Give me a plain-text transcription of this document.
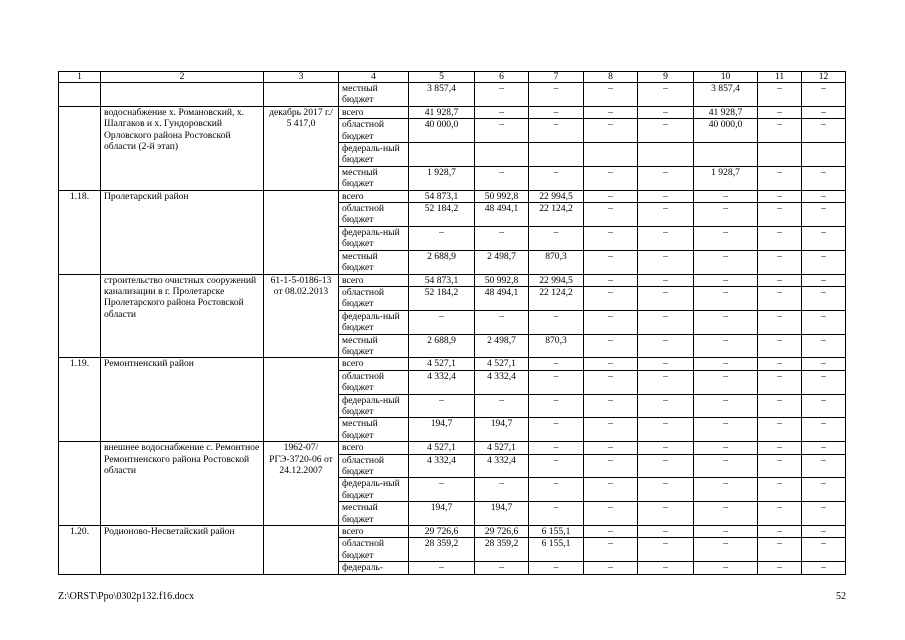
1	2	3	4	5	6	7	8	9	10	11	12
			местный бюджет	3 857,4	–	–	–	–	3 857,4	–	–
	водоснабжение х. Романовский, х. Шалгаков и х. Гундоровский Орловского района Ростовской области (2-й этап)	декабрь 2017 г./ 5 417,0	всего	41 928,7	–	–	–	–	41 928,7	–	–
			областной бюджет	40 000,0	–	–	–	–	40 000,0	–	–
			федераль-ный бюджет								
			местный бюджет	1 928,7	–	–	–	–	1 928,7	–	–
1.18.	Пролетарский район		всего	54 873,1	50 992,8	22 994,5	–	–	–	–	–
			областной бюджет	52 184,2	48 494,1	22 124,2	–	–	–	–	–
			федераль-ный бюджет	–	–	–	–	–	–	–	–
			местный бюджет	2 688,9	2 498,7	870,3	–	–	–	–	–
	строительство очистных сооружений канализации в г. Пролетарске Пролетарского района Ростовской области	61-1-5-0186-13 от 08.02.2013	всего	54 873,1	50 992,8	22 994,5	–	–	–	–	–
			областной бюджет	52 184,2	48 494,1	22 124,2	–	–	–	–	–
			федераль-ный бюджет	–	–	–	–	–	–	–	–
			местный бюджет	2 688,9	2 498,7	870,3	–	–	–	–	–
1.19.	Ремонтненский район		всего	4 527,1	4 527,1	–	–	–	–	–	–
			областной бюджет	4 332,4	4 332,4	–	–	–	–	–	–
			федераль-ный бюджет	–	–	–	–	–	–	–	–
			местный бюджет	194,7	194,7	–	–	–	–	–	–
	внешнее водоснабжение с. Ремонтное Ремонтненского района Ростовской области	1962-07/РГЭ-3720-06 от 24.12.2007	всего	4 527,1	4 527,1	–	–	–	–	–	–
			областной бюджет	4 332,4	4 332,4	–	–	–	–	–	–
			федераль-ный бюджет	–	–	–	–	–	–	–	–
			местный бюджет	194,7	194,7	–	–	–	–	–	–
1.20.	Родионово-Несветайский район		всего	29 726,6	29 726,6	6 155,1	–	–	–	–	–
			областной бюджет	28 359,2	28 359,2	6 155,1	–	–	–	–	–
			федераль-	–	–	–	–	–	–	–	–
Z:\ORST\Ppo\0302p132.f16.docx	52
